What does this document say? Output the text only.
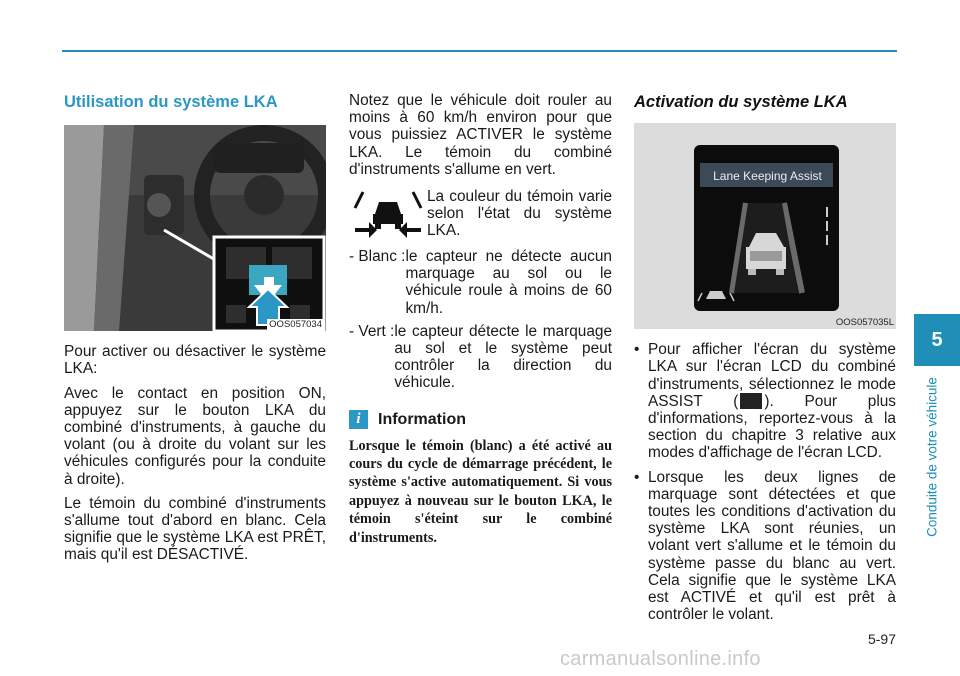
Utilisation du système LKA
OOS057034

Pour activer ou désactiver le système LKA:

Avec le contact en position ON, appuyez sur le bouton LKA du combiné d'instruments, à gauche du volant (ou à droite du volant sur les véhicules configurés pour la conduite à droite).

Le témoin du combiné d'instruments s'allume tout d'abord en blanc. Cela signifie que le système LKA est PRÊT, mais qu'il est DÉSACTIVÉ.

Notez que le véhicule doit rouler au moins à 60 km/h environ pour que vous puissiez ACTIVER le système LKA. Le témoin du combiné d'instruments s'allume en vert.

La couleur du témoin varie selon l'état du système LKA.

- Blanc : le capteur ne détecte aucun marquage au sol ou le véhicule roule à moins de 60 km/h.
- Vert : le capteur détecte le marquage au sol et le système peut contrôler la direction du véhicule.
i	Information

Lorsque le témoin (blanc) a été activé au cours du cycle de démarrage précédent, le système s'active automatiquement. Si vous appuyez à nouveau sur le bouton LKA, le témoin s'éteint sur le combiné d'instruments.

Activation du système LKA
Lane Keeping Assist
OOS057035L
• Pour afficher l'écran du système LKA sur l'écran LCD du combiné d'instruments, sélectionnez le mode ASSIST ( ). Pour plus d'informations, reportez-vous à la section du chapitre 3 relative aux modes d'affichage de l'écran LCD.
• Lorsque les deux lignes de marquage sont détectées et que toutes les conditions d'activation du système LKA sont réunies, un volant vert s'allume et le témoin du système passe du blanc au vert. Cela signifie que le système LKA est ACTIVÉ et qu'il est prêt à contrôler le volant.
5
Conduite de votre véhicule
5-97
carmanualsonline.info
